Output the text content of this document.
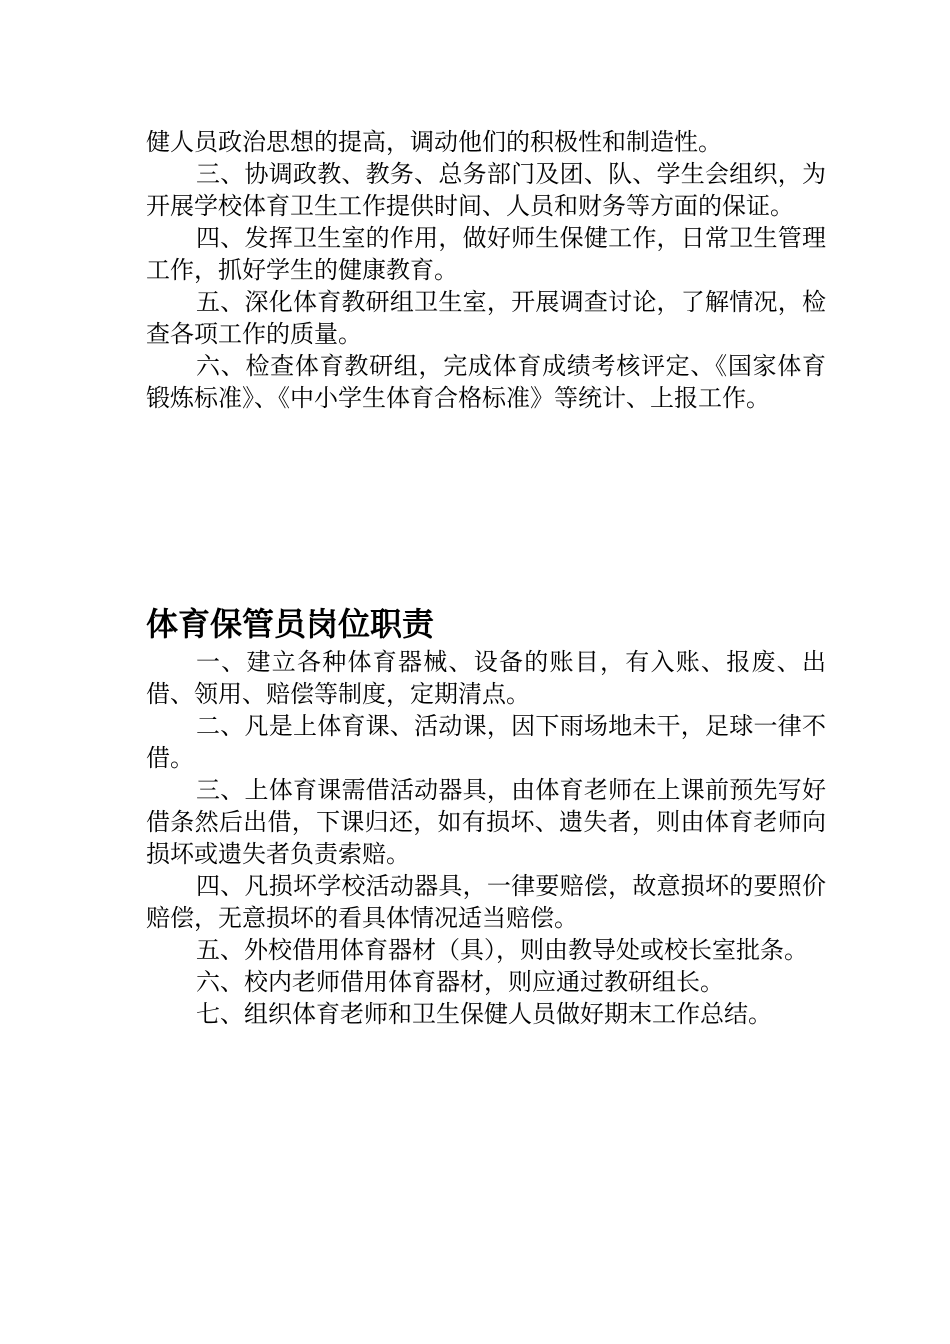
健人员政治思想的提高，调动他们的积极性和制造性。

三、协调政教、教务、总务部门及团、队、学生会组织，为开展学校体育卫生工作提供时间、人员和财务等方面的保证。

四、发挥卫生室的作用，做好师生保健工作，日常卫生管理工作，抓好学生的健康教育。

五、深化体育教研组卫生室，开展调查讨论，了解情况，检查各项工作的质量。

六、检查体育教研组，完成体育成绩考核评定、《国家体育锻炼标准》、《中小学生体育合格标准》等统计、上报工作。

体育保管员岗位职责

一、建立各种体育器械、设备的账目，有入账、报废、出借、领用、赔偿等制度，定期清点。

二、凡是上体育课、活动课，因下雨场地未干，足球一律不借。

三、上体育课需借活动器具，由体育老师在上课前预先写好借条然后出借，下课归还，如有损坏、遗失者，则由体育老师向损坏或遗失者负责索赔。

四、凡损坏学校活动器具，一律要赔偿，故意损坏的要照价赔偿，无意损坏的看具体情况适当赔偿。

五、外校借用体育器材（具），则由教导处或校长室批条。

六、校内老师借用体育器材，则应通过教研组长。

七、组织体育老师和卫生保健人员做好期末工作总结。
